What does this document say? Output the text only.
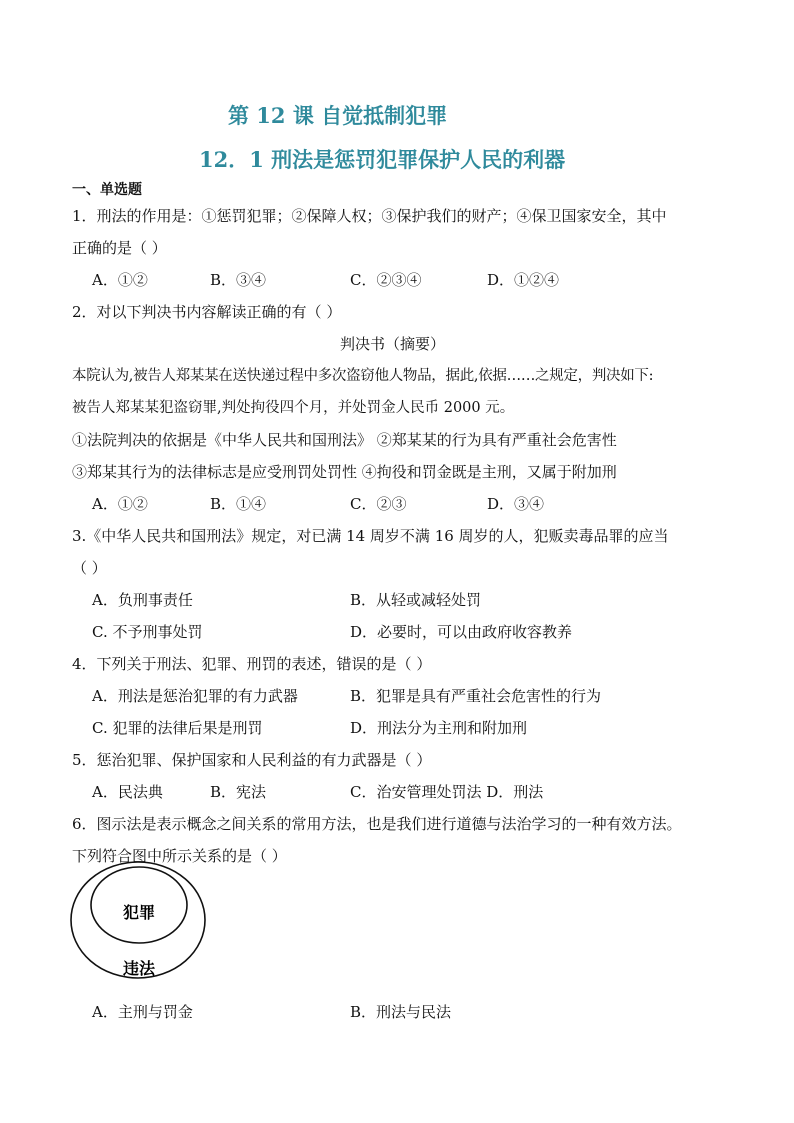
第 12 课 自觉抵制犯罪
12．1 刑法是惩罚犯罪保护人民的利器
一、单选题
1．刑法的作用是：①惩罚犯罪；②保障人权；③保护我们的财产；④保卫国家安全，其中
正确的是（ ）
A．①②	B．③④	C．②③④	D．①②④
2．对以下判决书内容解读正确的有（ ）
判决书（摘要）
本院认为,被告人郑某某在送快递过程中多次盗窃他人物品，据此,依据……之规定，判决如下:
被告人郑某某犯盗窃罪,判处拘役四个月，并处罚金人民币 2000 元。
①法院判决的依据是《中华人民共和国刑法》 ②郑某某的行为具有严重社会危害性
③郑某其行为的法律标志是应受刑罚处罚性 ④拘役和罚金既是主刑，又属于附加刑
A．①②	B．①④	C．②③	D．③④
3.《中华人民共和国刑法》规定，对已满 14 周岁不满 16 周岁的人，犯贩卖毒品罪的应当
（ ）
A．负刑事责任	B．从轻或减轻处罚
C. 不予刑事处罚	D．必要时，可以由政府收容教养
4．下列关于刑法、犯罪、刑罚的表述，错误的是（ ）
A．刑法是惩治犯罪的有力武器	B．犯罪是具有严重社会危害性的行为
C. 犯罪的法律后果是刑罚	D．刑法分为主刑和附加刑
5．惩治犯罪、保护国家和人民利益的有力武器是（ ）
A．民法典	B．宪法	C．治安管理处罚法 D．刑法
6．图示法是表示概念之间关系的常用方法，也是我们进行道德与法治学习的一种有效方法。
下列符合图中所示关系的是（ ）
犯罪
违法
A．主刑与罚金	B．刑法与民法
